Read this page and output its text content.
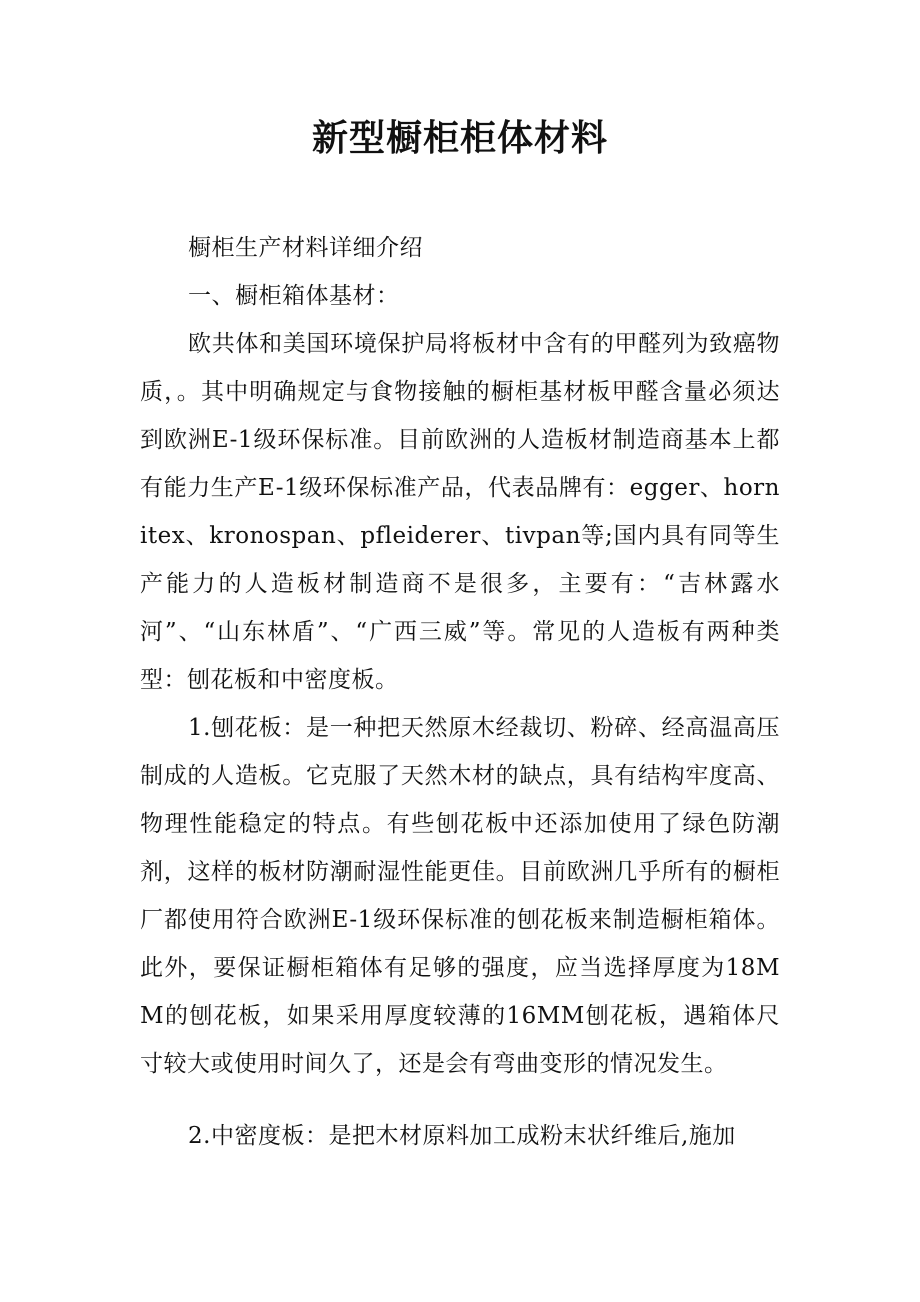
新型橱柜柜体材料

橱柜生产材料详细介绍

一、橱柜箱体基材：

欧共体和美国环境保护局将板材中含有的甲醛列为致癌物质，。其中明确规定与食物接触的橱柜基材板甲醛含量必须达到欧洲E-1级环保标准。目前欧洲的人造板材制造商基本上都有能力生产E-1级环保标准产品，代表品牌有：egger、hornitex、kronospan、pfleiderer、tivpan等;国内具有同等生产能力的人造板材制造商不是很多，主要有：“吉林露水河”、“山东林盾”、“广西三威”等。常见的人造板有两种类型：刨花板和中密度板。

1.刨花板：是一种把天然原木经裁切、粉碎、经高温高压制成的人造板。它克服了天然木材的缺点，具有结构牢度高、物理性能稳定的特点。有些刨花板中还添加使用了绿色防潮剂，这样的板材防潮耐湿性能更佳。目前欧洲几乎所有的橱柜厂都使用符合欧洲E-1级环保标准的刨花板来制造橱柜箱体。此外，要保证橱柜箱体有足够的强度，应当选择厚度为18MM的刨花板，如果采用厚度较薄的16MM刨花板，遇箱体尺寸较大或使用时间久了，还是会有弯曲变形的情况发生。

2.中密度板：是把木材原料加工成粉末状纤维后,施加
